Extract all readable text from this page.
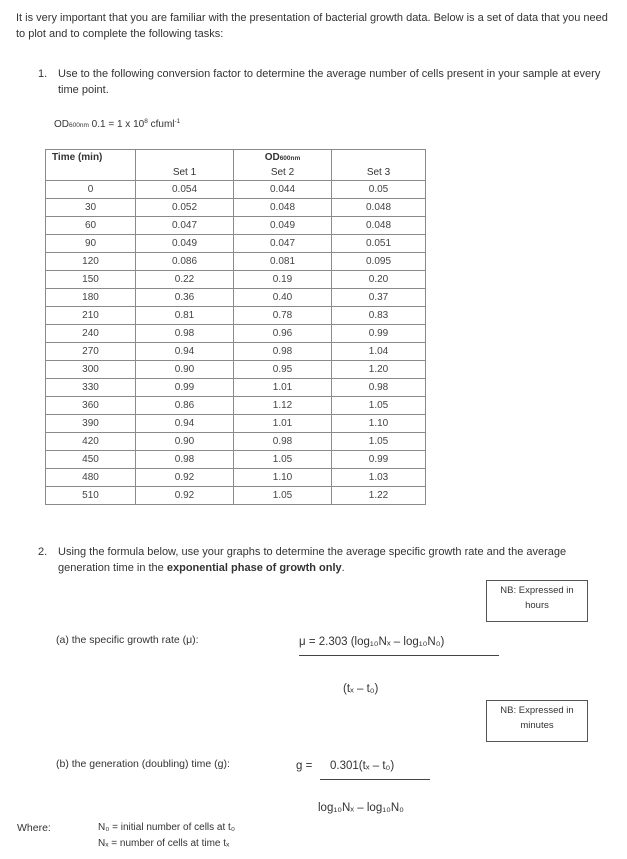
It is very important that you are familiar with the presentation of bacterial growth data. Below is a set of data that you need to plot and to complete the following tasks:
1. Use to the following conversion factor to determine the average number of cells present in your sample at every time point.
OD600nm 0.1 = 1 x $10^8$ cfuml$^{-1}$
Time (min)		OD600nm	
	Set 1	Set 2	Set 3
0	0.054	0.044	0.05
30	0.052	0.048	0.048
60	0.047	0.049	0.048
90	0.049	0.047	0.051
120	0.086	0.081	0.095
150	0.22	0.19	0.20
180	0.36	0.40	0.37
210	0.81	0.78	0.83
240	0.98	0.96	0.99
270	0.94	0.98	1.04
300	0.90	0.95	1.20
330	0.99	1.01	0.98
360	0.86	1.12	1.05
390	0.94	1.01	1.10
420	0.90	0.98	1.05
450	0.98	1.05	0.99
480	0.92	1.10	1.03
510	0.92	1.05	1.22
2. Using the formula below, use your graphs to determine the average specific growth rate and the average generation time in the exponential phase of growth only.
NB: Expressed in
hours
(a) the specific growth rate (μ):	μ = 2.303 (log₁₀Nₓ – log₁₀N₀)
(tₓ – t₀)
NB: Expressed in
minutes
(b) the generation (doubling) time (g):	g = 0.301(tₓ – t₀)
log₁₀Nₓ – log₁₀N₀
Where:	N₀ = initial number of cells at t₀
Nₓ = number of cells at time tₓ
